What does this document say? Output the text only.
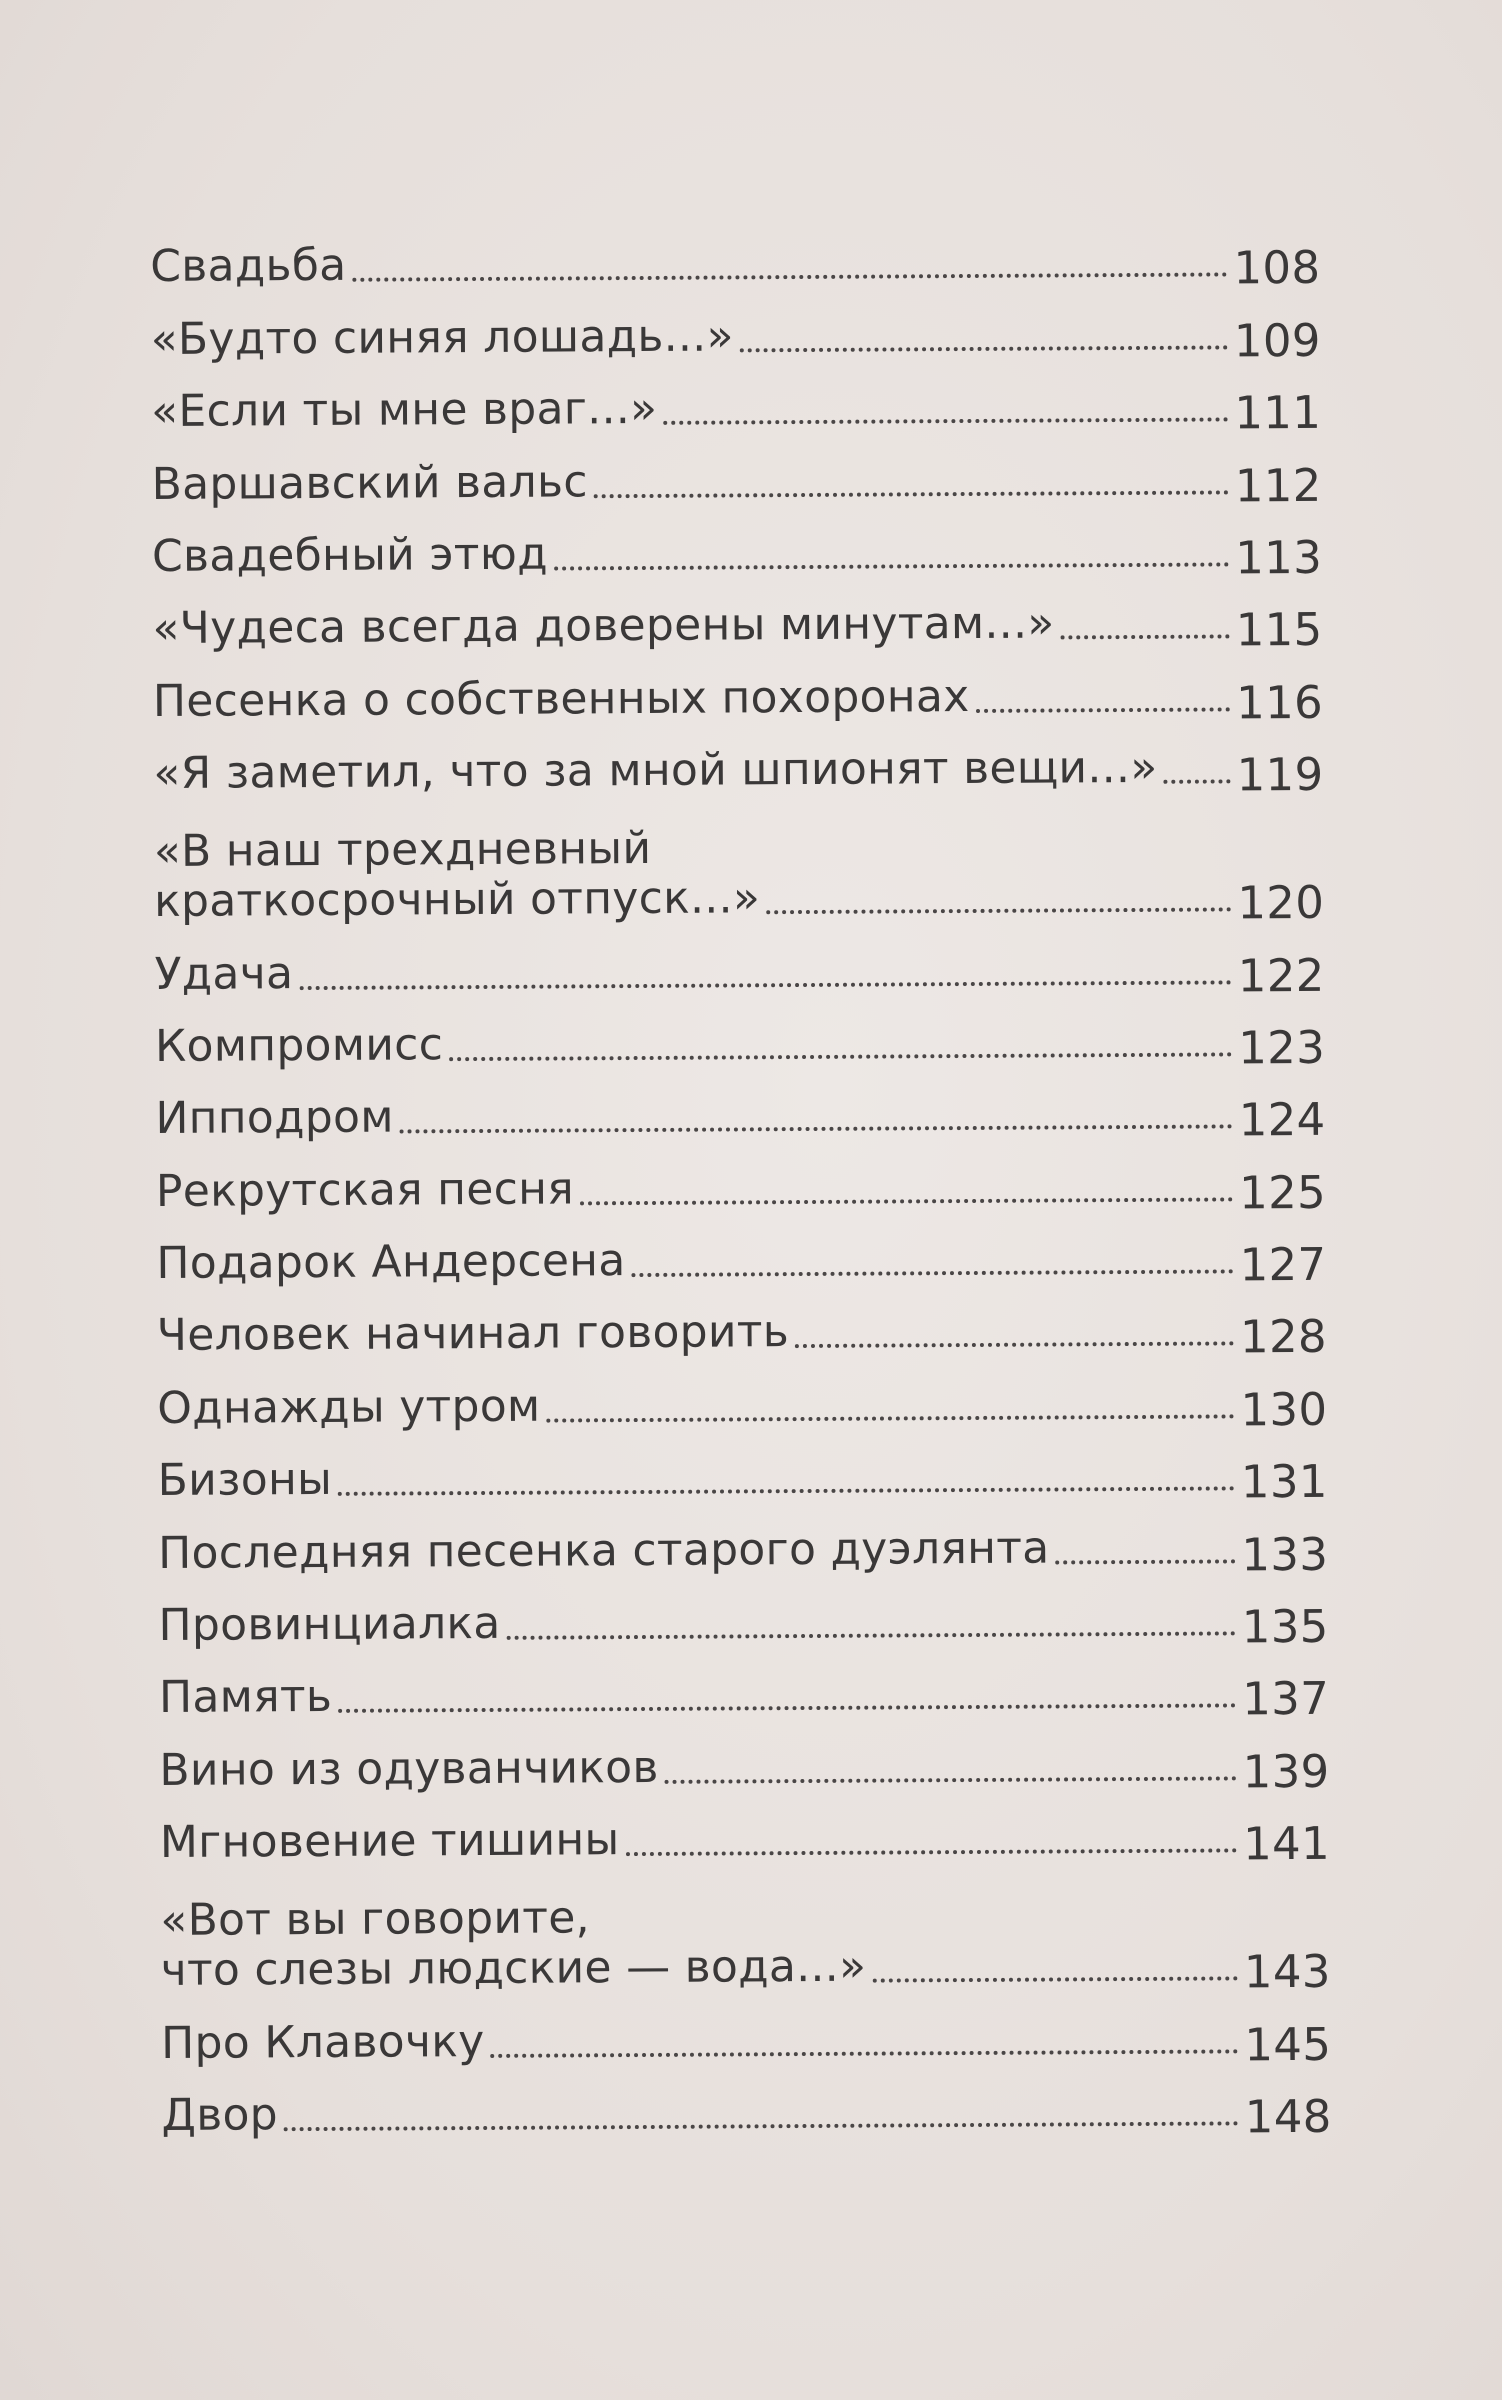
Свадьба	108
«Будто синяя лошадь...»	109
«Если ты мне враг...»	111
Варшавский вальс	112
Свадебный этюд	113
«Чудеса всегда доверены минутам...»	115
Песенка о собственных похоронах	116
«Я заметил, что за мной шпионят вещи...» 119
«В наш трехдневный
краткосрочный отпуск...»	120
Удача	122
Компромисс	123
Ипподром	124
Рекрутская песня	125
Подарок Андерсена	127
Человек начинал говорить	128
Однажды утром	130
Бизоны	131
Последняя песенка старого дуэлянта	133
Провинциалка	135
Память	137
Вино из одуванчиков	139
Мгновение тишины	141
«Вот вы говорите,
что слезы людские — вода...»	143
Про Клавочку	145
Двор	148
